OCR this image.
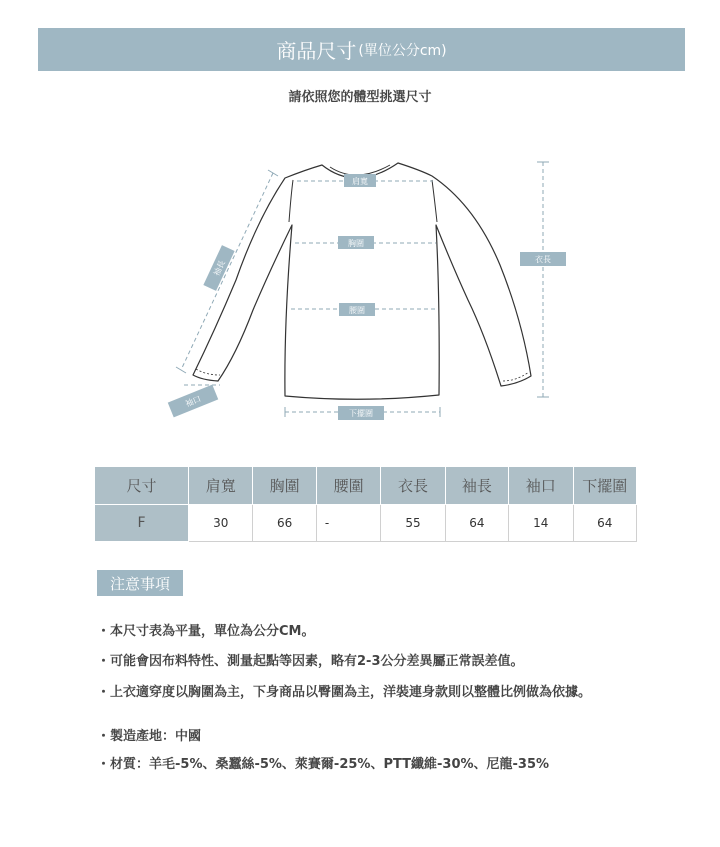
商品尺寸 (單位公分cm)
請依照您的體型挑選尺寸
肩寬
胸圍
腰圍
衣長
下擺圍
袖長
袖口
尺寸	肩寬	胸圍	腰圍	衣長	袖長	袖口	下擺圍
F	30	66	-	55	64	14	64
注意事項
・本尺寸表為平量，單位為公分CM。
・可能會因布料特性、測量起點等因素，略有2-3公分差異屬正常誤差值。
・上衣適穿度以胸圍為主，下身商品以臀圍為主，洋裝連身款則以整體比例做為依據。
・製造產地：中國
・材質：羊毛-5%、桑蠶絲-5%、萊賽爾-25%、PTT纖維-30%、尼龍-35%
